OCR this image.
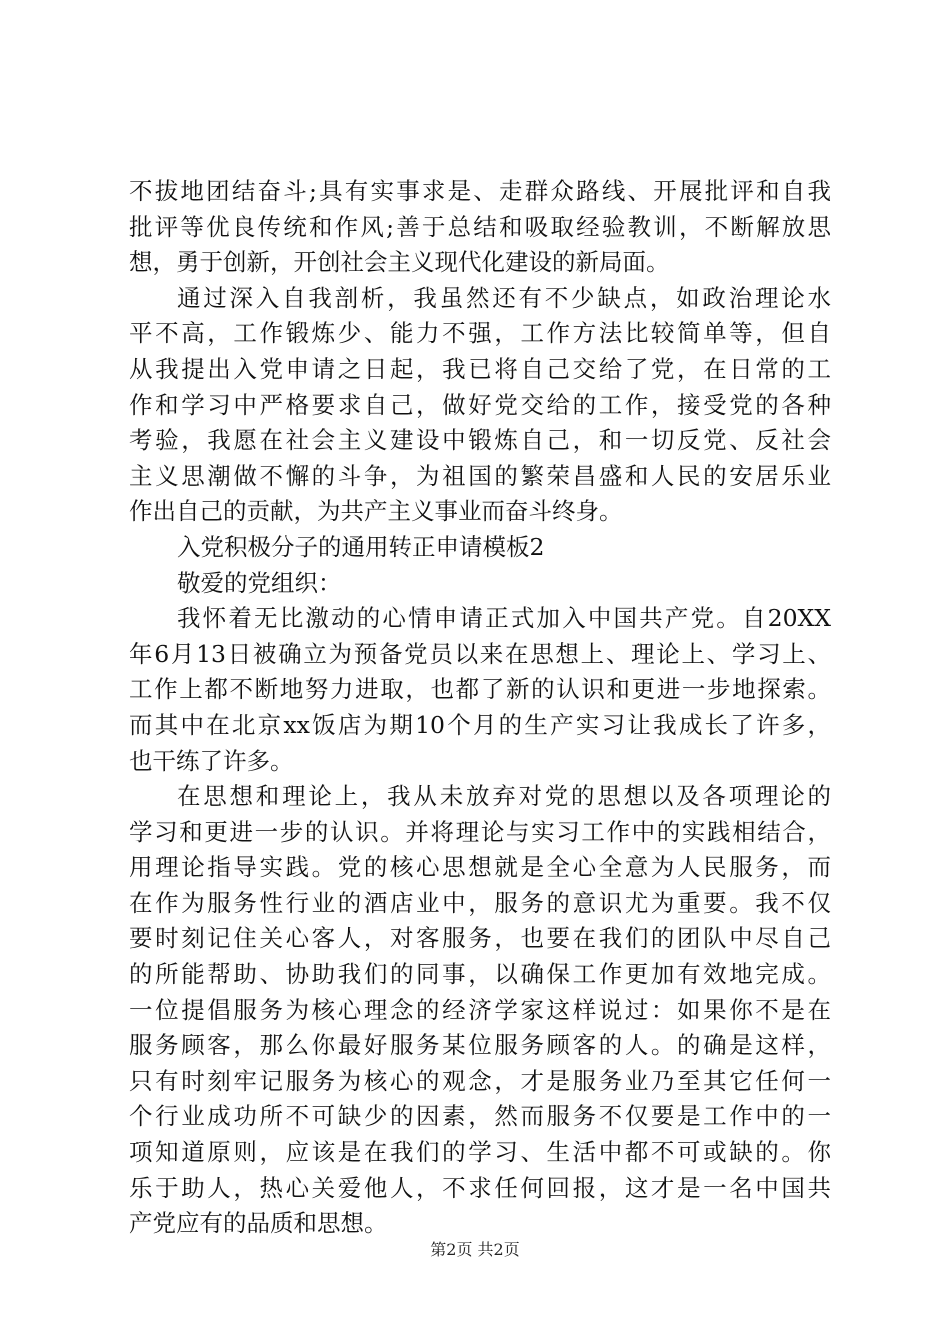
不拔地团结奋斗;具有实事求是、走群众路线、开展批评和自我
批评等优良传统和作风;善于总结和吸取经验教训，不断解放思
想，勇于创新，开创社会主义现代化建设的新局面。
通过深入自我剖析，我虽然还有不少缺点，如政治理论水
平不高，工作锻炼少、能力不强，工作方法比较简单等，但自
从我提出入党申请之日起，我已将自己交给了党，在日常的工
作和学习中严格要求自己，做好党交给的工作，接受党的各种
考验，我愿在社会主义建设中锻炼自己，和一切反党、反社会
主义思潮做不懈的斗争，为祖国的繁荣昌盛和人民的安居乐业
作出自己的贡献，为共产主义事业而奋斗终身。
入党积极分子的通用转正申请模板2
敬爱的党组织：
我怀着无比激动的心情申请正式加入中国共产党。自20XX
年6月13日被确立为预备党员以来在思想上、理论上、学习上、
工作上都不断地努力进取，也都了新的认识和更进一步地探索。
而其中在北京xx饭店为期10个月的生产实习让我成长了许多，
也干练了许多。
在思想和理论上，我从未放弃对党的思想以及各项理论的
学习和更进一步的认识。并将理论与实习工作中的实践相结合，
用理论指导实践。党的核心思想就是全心全意为人民服务，而
在作为服务性行业的酒店业中，服务的意识尤为重要。我不仅
要时刻记住关心客人，对客服务，也要在我们的团队中尽自己
的所能帮助、协助我们的同事，以确保工作更加有效地完成。
一位提倡服务为核心理念的经济学家这样说过：如果你不是在
服务顾客，那么你最好服务某位服务顾客的人。的确是这样，
只有时刻牢记服务为核心的观念，才是服务业乃至其它任何一
个行业成功所不可缺少的因素，然而服务不仅要是工作中的一
项知道原则，应该是在我们的学习、生活中都不可或缺的。你
乐于助人，热心关爱他人，不求任何回报，这才是一名中国共
产党应有的品质和思想。
第2页 共2页
